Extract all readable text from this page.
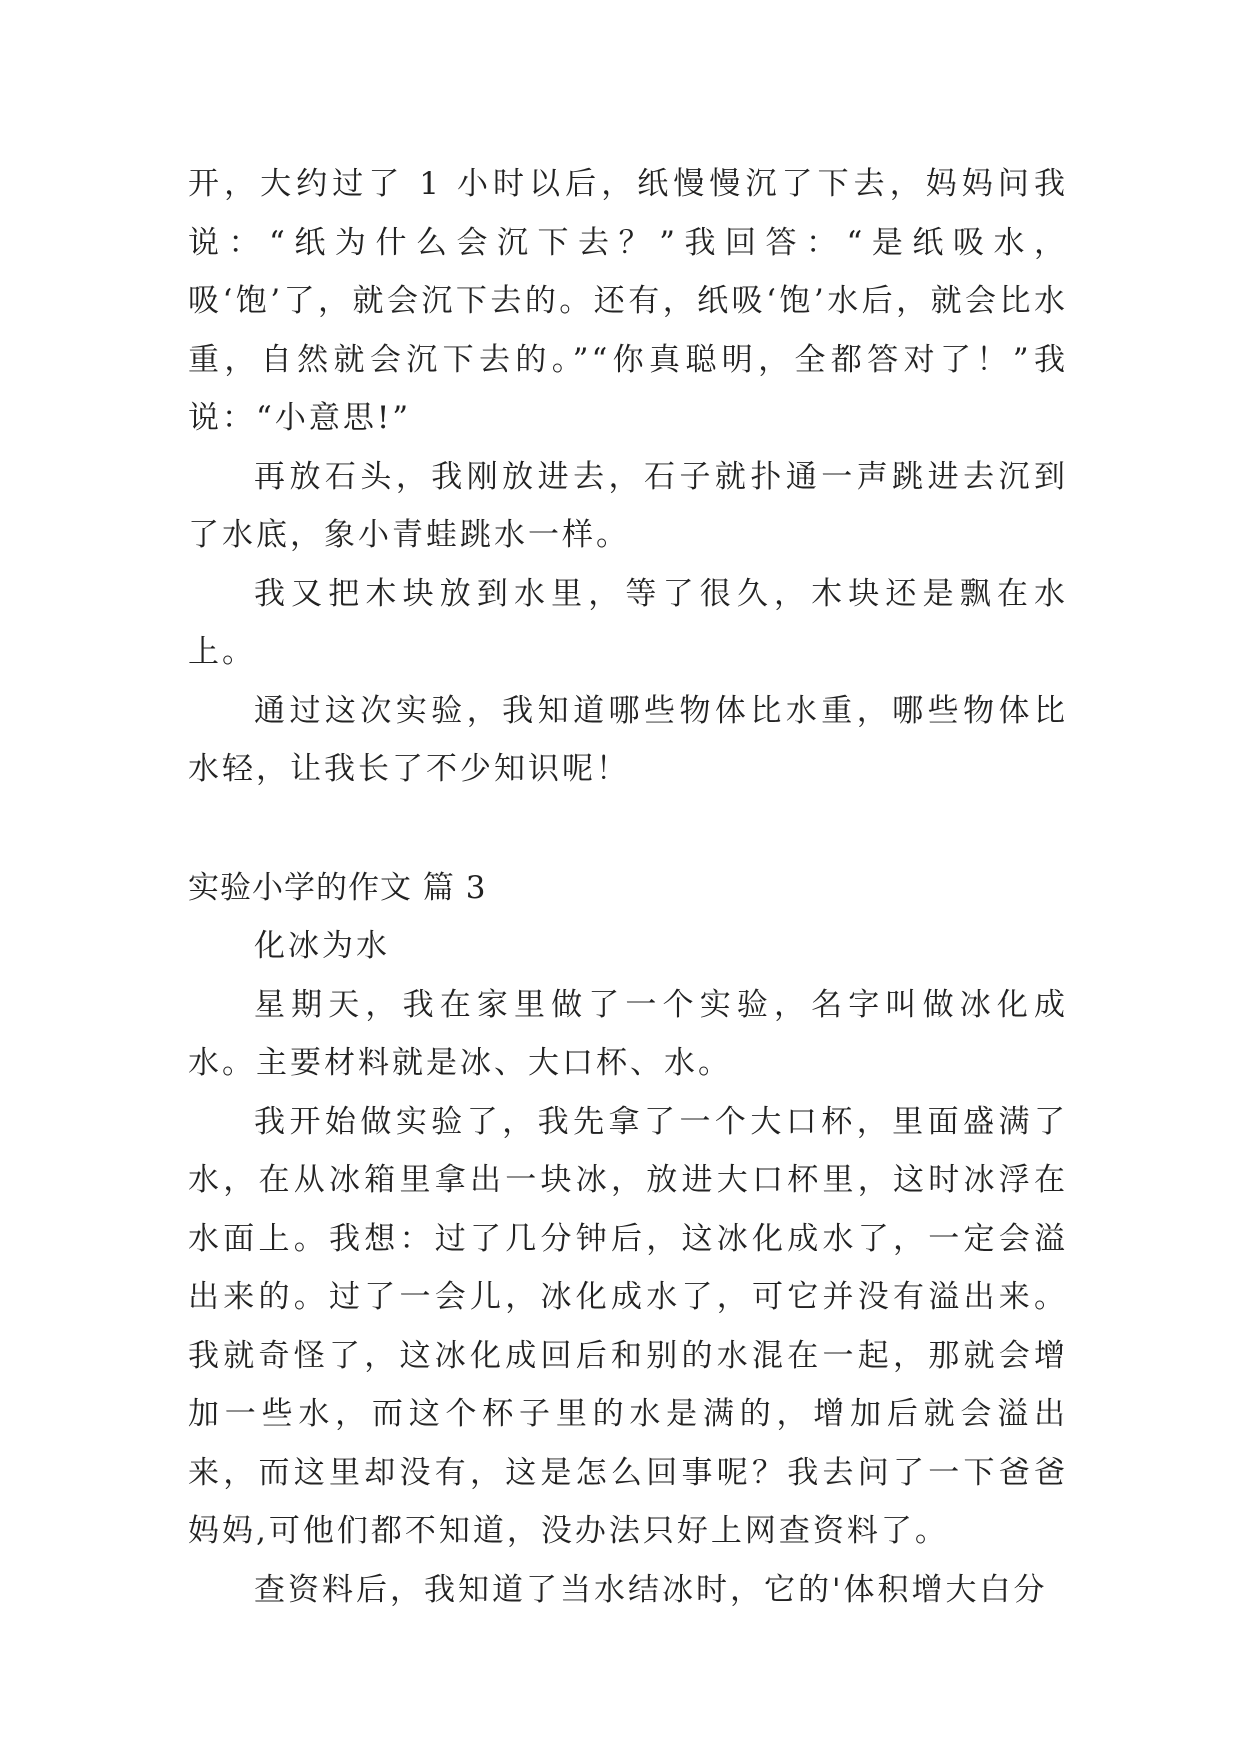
开，大约过了 1 小时以后，纸慢慢沉了下去，妈妈问我说：“纸为什么会沉下去？”我回答：“是纸吸水，吸‘饱’了，就会沉下去的。还有，纸吸‘饱’水后，就会比水重，自然就会沉下去的。”“你真聪明，全都答对了！”我说：“小意思!”

再放石头，我刚放进去，石子就扑通一声跳进去沉到了水底，象小青蛙跳水一样。

我又把木块放到水里，等了很久，木块还是飘在水上。

通过这次实验，我知道哪些物体比水重，哪些物体比水轻，让我长了不少知识呢！

实验小学的作文 篇 3

化冰为水

星期天，我在家里做了一个实验，名字叫做冰化成水。主要材料就是冰、大口杯、水。

我开始做实验了，我先拿了一个大口杯，里面盛满了水，在从冰箱里拿出一块冰，放进大口杯里，这时冰浮在水面上。我想：过了几分钟后，这冰化成水了，一定会溢出来的。过了一会儿，冰化成水了，可它并没有溢出来。我就奇怪了，这冰化成回后和别的水混在一起，那就会增加一些水，而这个杯子里的水是满的，增加后就会溢出来，而这里却没有，这是怎么回事呢？我去问了一下爸爸妈妈,可他们都不知道，没办法只好上网查资料了。

查资料后，我知道了当水结冰时，它的'体积增大白分
